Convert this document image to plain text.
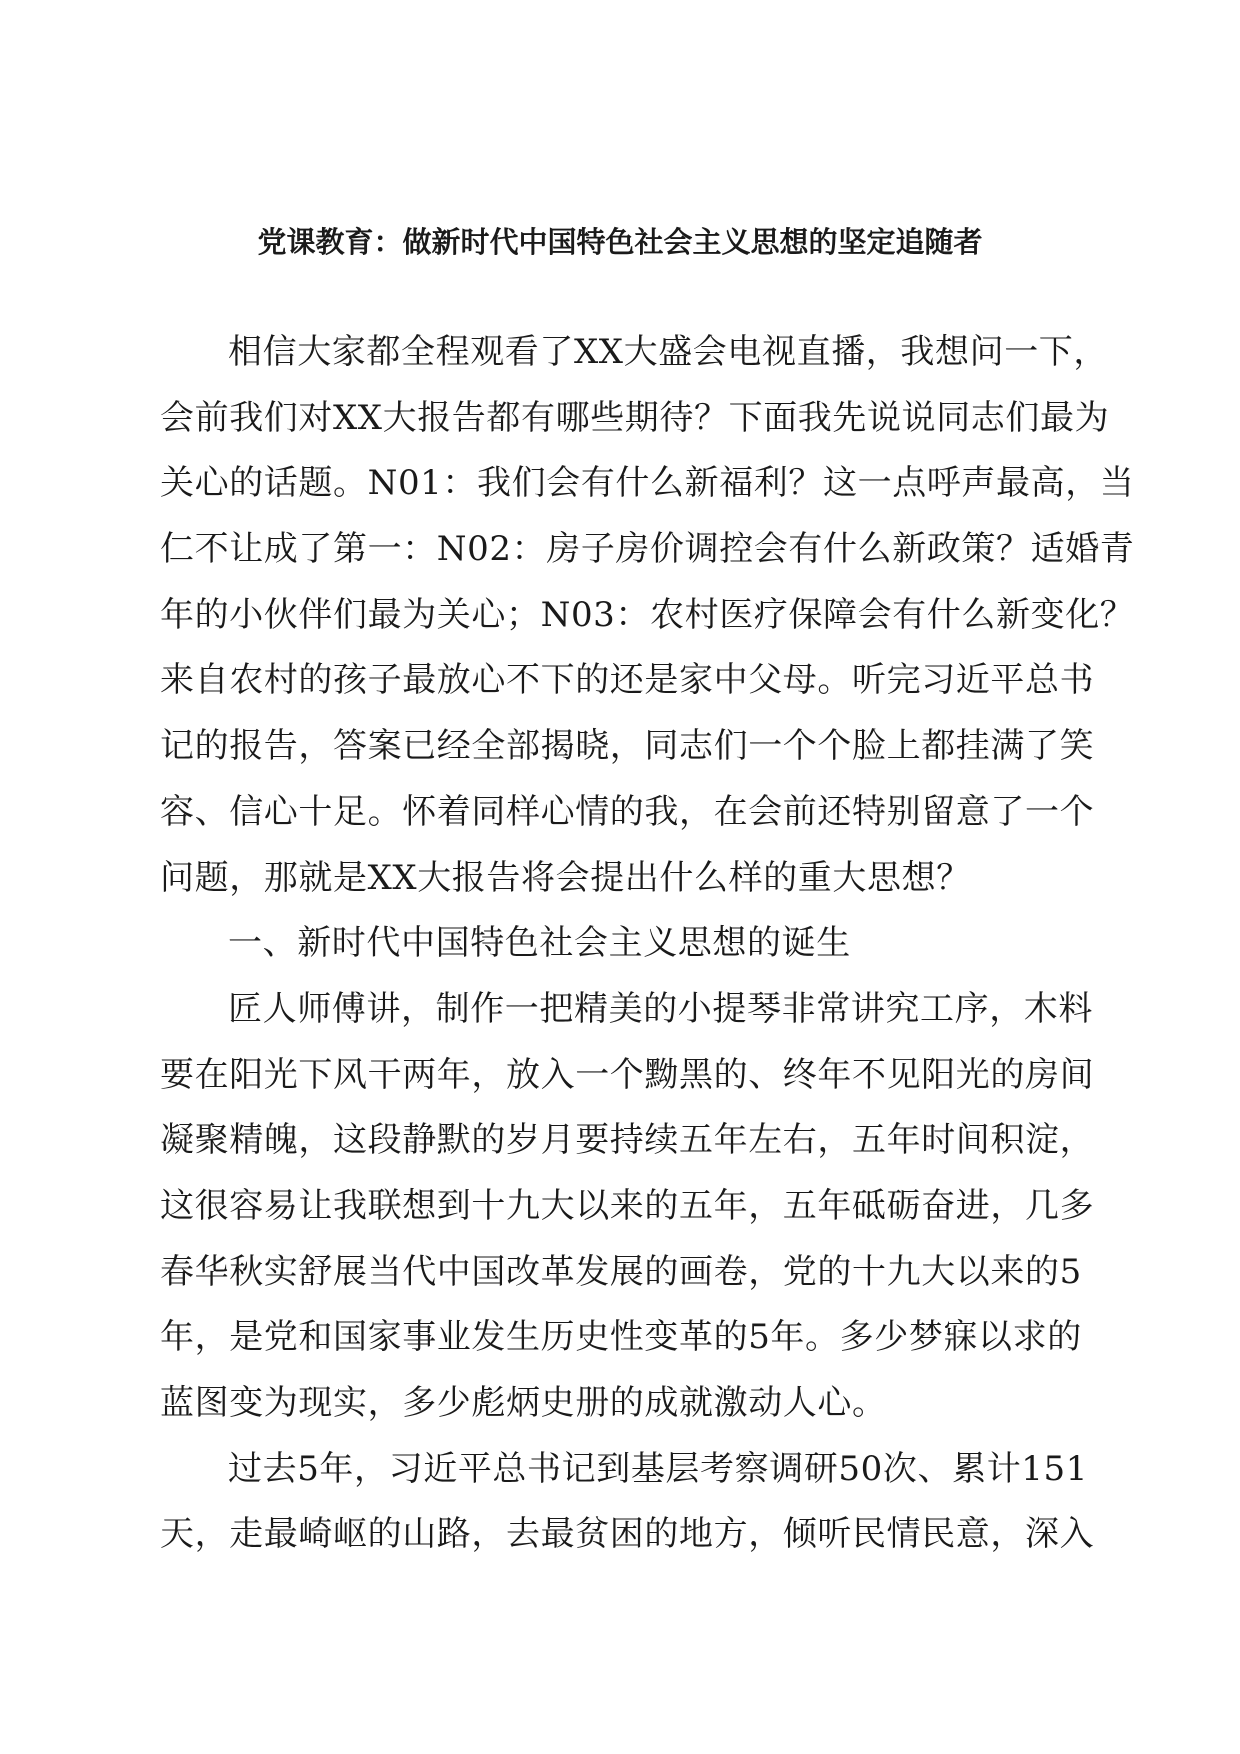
党课教育：做新时代中国特色社会主义思想的坚定追随者
相信大家都全程观看了XX大盛会电视直播，我想问一下，
会前我们对XX大报告都有哪些期待？下面我先说说同志们最为
关心的话题。N01：我们会有什么新福利？这一点呼声最高，当
仁不让成了第一：N02：房子房价调控会有什么新政策？适婚青
年的小伙伴们最为关心；N03：农村医疗保障会有什么新变化？
来自农村的孩子最放心不下的还是家中父母。听完习近平总书
记的报告，答案已经全部揭晓，同志们一个个脸上都挂满了笑
容、信心十足。怀着同样心情的我，在会前还特别留意了一个
问题，那就是XX大报告将会提出什么样的重大思想？
一、新时代中国特色社会主义思想的诞生
匠人师傅讲，制作一把精美的小提琴非常讲究工序，木料
要在阳光下风干两年，放入一个黝黑的、终年不见阳光的房间
凝聚精魄，这段静默的岁月要持续五年左右，五年时间积淀，
这很容易让我联想到十九大以来的五年，五年砥砺奋进，几多
春华秋实舒展当代中国改革发展的画卷，党的十九大以来的5
年，是党和国家事业发生历史性变革的5年。多少梦寐以求的
蓝图变为现实，多少彪炳史册的成就激动人心。
过去5年，习近平总书记到基层考察调研50次、累计151
天，走最崎岖的山路，去最贫困的地方，倾听民情民意，深入
